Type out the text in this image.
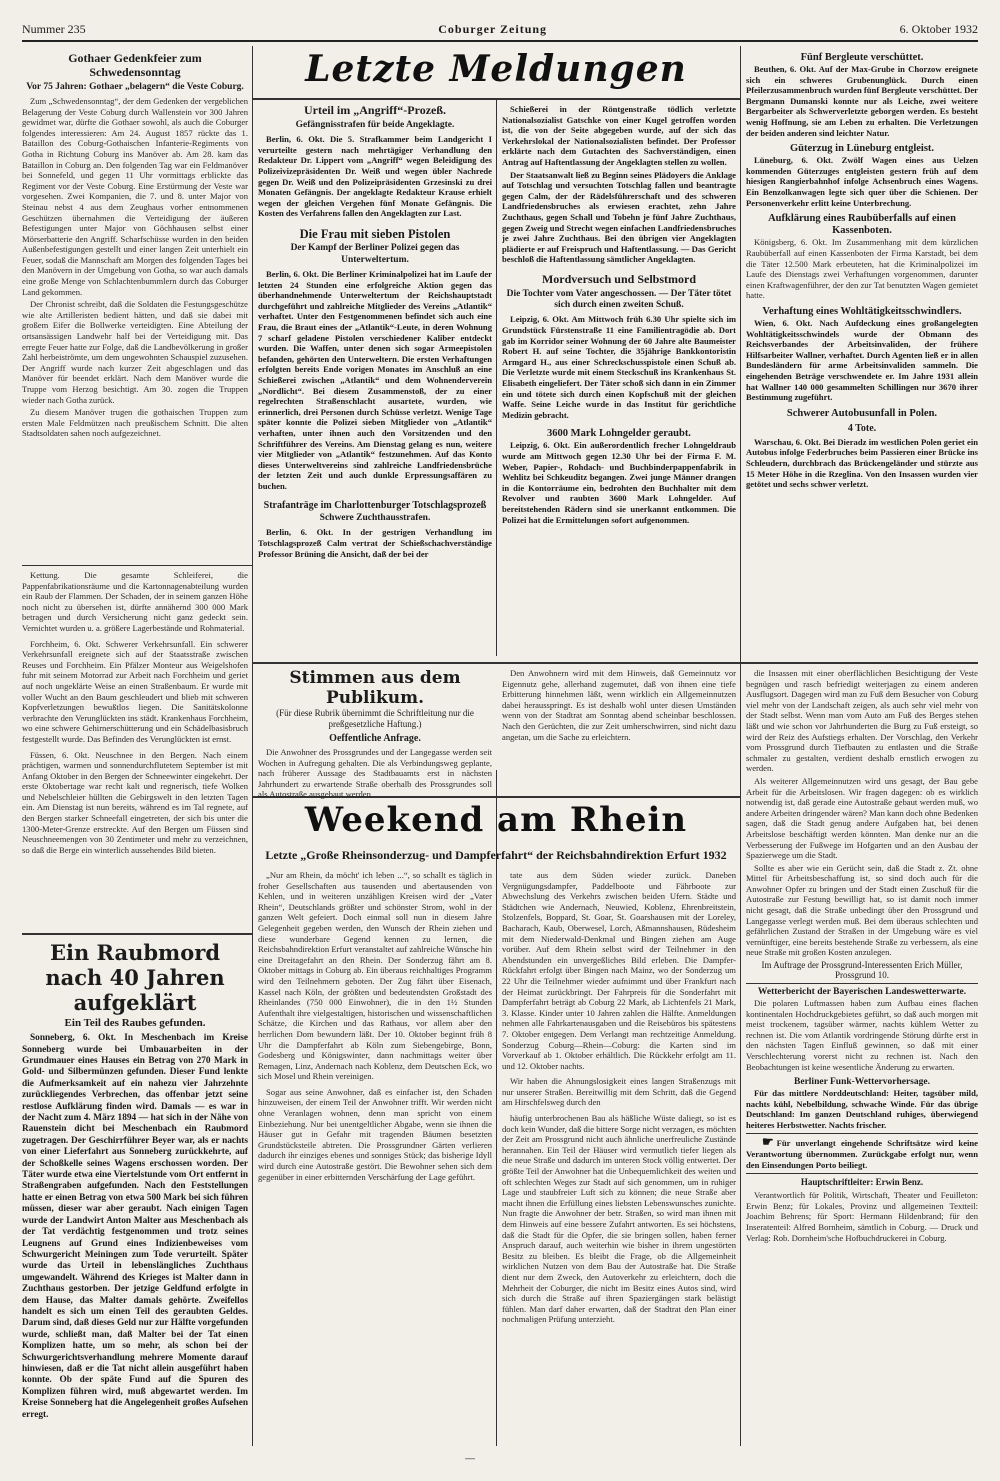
Nummer 235	Coburger Zeitung	6. Oktober 1932
Gothaer Gedenkfeier zum Schwedensonntag
Vor 75 Jahren: Gothaer „belagern“ die Veste Coburg.

Zum „Schwedensonntag“, der dem Gedenken der vergeblichen Belagerung der Veste Coburg durch Wallenstein vor 300 Jahren gewidmet war, dürfte die Gothaer sowohl, als auch die Coburger folgendes interessieren: Am 24. August 1857 rückte das 1. Bataillon des Coburg-Gothaischen Infanterie-Regiments von Gotha in Richtung Coburg ins Manöver ab. Am 28. kam das Bataillon in Coburg an. Den folgenden Tag war ein Feldmanöver bei Sonnefeld, und gegen 11 Uhr vormittags erblickte das Regiment vor der Veste Coburg. Eine Erstürmung der Veste war vorgesehen. Zwei Kompanien, die 7. und 8. unter Major von Steinau nebst 4 aus dem Zeughaus vorher entnommenen Geschützen übernahmen die Verteidigung der äußeren Befestigungen unter Major von Göchhausen selbst einer Mörserbatterie den Angriff. Scharfschüsse wurden in den beiden Außenbefestigungen gestellt und einer langen Zeit unterhielt ein Feuer, sodaß die Mannschaft am Morgen des folgenden Tages bei den Manövern in der Umgebung von Gotha, so war auch damals eine große Menge von Schlachtenbummlern durch das Coburger Land gekommen.

Der Chronist schreibt, daß die Soldaten die Festungsgeschütze wie alte Artilleristen bedient hätten, und daß sie dabei mit großem Eifer die Bollwerke verteidigten. Eine Abteilung der ortsansässigen Landwehr half bei der Verteidigung mit. Das erregte Feuer hatte zur Folge, daß die Landbevölkerung in großer Zahl herbeiströmte, um dem ungewohnten Schauspiel zuzusehen. Der Angriff wurde nach kurzer Zeit abgeschlagen und das Manöver für beendet erklärt. Nach dem Manöver wurde die Truppe vom Herzog besichtigt. Am 30. zogen die Truppen wieder nach Gotha zurück.

Zu diesem Manöver trugen die gothaischen Truppen zum ersten Male Feldmützen nach preußischem Schnitt. Die alten Stadtsoldaten sahen noch aufgezeichnet.

Kettung. Die gesamte Schleiferei, die Pappenfabrikationsräume und die Kartonnagenabteilung wurden ein Raub der Flammen. Der Schaden, der in seinem ganzen Höhe noch nicht zu übersehen ist, dürfte annähernd 300 000 Mark betragen und durch Versicherung nicht ganz gedeckt sein. Vernichtet wurden u. a. größere Lagerbestände und Rohmaterial.

Forchheim, 6. Okt. Schwerer Verkehrsunfall. Ein schwerer Verkehrsunfall ereignete sich auf der Staatsstraße zwischen Reuses und Forchheim. Ein Pfälzer Monteur aus Weigelshofen fuhr mit seinem Motorrad zur Arbeit nach Forchheim und geriet auf noch ungeklärte Weise an einen Straßenbaum. Er wurde mit voller Wucht an den Baum geschleudert und blieb mit schweren Kopfverletzungen bewußtlos liegen. Die Sanitätskolonne verbrachte den Verunglückten ins städt. Krankenhaus Forchheim, wo eine schwere Gehirnerschütterung und ein Schädelbasisbruch festgestellt wurde. Das Befinden des Verunglückten ist ernst.

Füssen, 6. Okt. Neuschnee in den Bergen. Nach einem prächtigen, warmen und sonnendurchflutetem September ist mit Anfang Oktober in den Bergen der Schneewinter eingekehrt. Der erste Oktobertage war recht kalt und regnerisch, tiefe Wolken und Nebelschleier hüllten die Gebirgswelt in den letzten Tagen ein. Am Dienstag ist nun bereits, während es im Tal regnete, auf den Bergen starker Schneefall eingetreten, der sich bis unter die 1300-Meter-Grenze erstreckte. Auf den Bergen um Füssen sind Neuschneemengen von 30 Zentimeter und mehr zu verzeichnen, so daß die Berge ein winterlich aussehendes Bild bieten.

Ein Raubmord nach 40 Jahren aufgeklärt
Ein Teil des Raubes gefunden.

Sonneberg, 6. Okt. In Meschenbach im Kreise Sonneberg wurde bei Umbauarbeiten in der Grundmauer eines Hauses ein Betrag von 270 Mark in Gold- und Silbermünzen gefunden. Dieser Fund lenkte die Aufmerksamkeit auf ein nahezu vier Jahrzehnte zurückliegendes Verbrechen, das offenbar jetzt seine restlose Aufklärung finden wird. Damals — es war in der Nacht zum 4. März 1894 — hat sich in der Nähe von Rauenstein dicht bei Meschenbach ein Raubmord zugetragen. Der Geschirrführer Beyer war, als er nachts von einer Lieferfahrt aus Sonneberg zurückkehrte, auf der Schoßkelle seines Wagens erschossen worden. Der Täter wurde etwa eine Viertelstunde vom Ort entfernt in Straßengraben aufgefunden. Nach den Feststellungen hatte er einen Betrag von etwa 500 Mark bei sich führen müssen, dieser war aber geraubt. Nach einigen Tagen wurde der Landwirt Anton Malter aus Meschenbach als der Tat verdächtig festgenommen und trotz seines Leugnens auf Grund eines Indizienbeweises vom Schwurgericht Meiningen zum Tode verurteilt. Später wurde das Urteil in lebenslängliches Zuchthaus umgewandelt. Während des Krieges ist Malter dann in Zuchthaus gestorben. Der jetzige Geldfund erfolgte in dem Hause, das Malter damals gehörte. Zweifellos handelt es sich um einen Teil des geraubten Geldes. Darum sind, daß dieses Geld nur zur Hälfte vorgefunden wurde, schließt man, daß Malter bei der Tat einen Komplizen hatte, um so mehr, als schon bei der Schwurgerichtsverhandlung mehrere Momente darauf hinwiesen, daß er die Tat nicht allein ausgeführt haben konnte. Ob der späte Fund auf die Spuren des Komplizen führen wird, muß abgewartet werden. Im Kreise Sonneberg hat die Angelegenheit großes Aufsehen erregt.

Letzte Meldungen
Urteil im „Angriff“-Prozeß.
Gefängnisstrafen für beide Angeklagte.

Berlin, 6. Okt. Die 5. Strafkammer beim Landgericht I verurteilte gestern nach mehrtägiger Verhandlung den Redakteur Dr. Lippert vom „Angriff“ wegen Beleidigung des Polizeivizepräsidenten Dr. Weiß und wegen übler Nachrede gegen Dr. Weiß und den Polizeipräsidenten Grzesinski zu drei Monaten Gefängnis. Der angeklagte Redakteur Krause erhielt wegen der gleichen Vergehen fünf Monate Gefängnis. Die Kosten des Verfahrens fallen den Angeklagten zur Last.

Die Frau mit sieben Pistolen
Der Kampf der Berliner Polizei gegen das Unterweltertum.

Berlin, 6. Okt. Die Berliner Kriminalpolizei hat im Laufe der letzten 24 Stunden eine erfolgreiche Aktion gegen das überhandnehmende Unterweltertum der Reichshauptstadt durchgeführt und zahlreiche Mitglieder des Vereins „Atlantik“ verhaftet. Unter den Festgenommenen befindet sich auch eine Frau, die Braut eines der „Atlantik“-Leute, in deren Wohnung 7 scharf geladene Pistolen verschiedener Kaliber entdeckt wurden. Die Waffen, unter denen sich sogar Armeepistolen befanden, gehörten den Unterweltern. Die ersten Verhaftungen erfolgten bereits Ende vorigen Monates im Anschluß an eine Schießerei zwischen „Atlantik“ und dem Wohnenderverein „Nordlicht“. Bei diesem Zusammenstoß, der zu einer regelrechten Straßenschlacht ausartete, wurden, wie erinnerlich, drei Personen durch Schüsse verletzt. Wenige Tage später konnte die Polizei sieben Mitglieder von „Atlantik“ verhaften, unter ihnen auch den Vorsitzenden und den Schriftführer des Vereins. Am Dienstag gelang es nun, weitere vier Mitglieder von „Atlantik“ festzunehmen. Auf das Konto dieses Unterweltvereins sind zahlreiche Landfriedensbrüche der letzten Zeit und auch dunkle Erpressungsaffären zu buchen.

Strafanträge im Charlottenburger Totschlagsprozeß
Schwere Zuchthausstrafen.

Berlin, 6. Okt. In der gestrigen Verhandlung im Totschlagsprozeß Calm vertrat der Schießschachverständige Professor Brüning die Ansicht, daß der bei der

Schießerei in der Röntgenstraße tödlich verletzte Nationalsozialist Gatschke von einer Kugel getroffen worden ist, die von der Seite abgegeben wurde, auf der sich das Verkehrslokal der Nationalsozialisten befindet. Der Professor erklärte nach dem Gutachten des Sachverständigen, einen Antrag auf Haftentlassung der Angeklagten stellen zu wollen.

Der Staatsanwalt ließ zu Beginn seines Plädoyers die Anklage auf Totschlag und versuchten Totschlag fallen und beantragte gegen Calm, der der Rädelsführerschaft und des schweren Landfriedensbruches als erwiesen erachtet, zehn Jahre Zuchthaus, gegen Schall und Tobehn je fünf Jahre Zuchthaus, gegen Zweig und Strecht wegen einfachen Landfriedensbruches je zwei Jahre Zuchthaus. Bei den übrigen vier Angeklagten plädierte er auf Freispruch und Haftentlassung. — Das Gericht beschloß die Haftentlassung sämtlicher Angeklagten.

Mordversuch und Selbstmord
Die Tochter vom Vater angeschossen. — Der Täter tötet sich durch einen zweiten Schuß.

Leipzig, 6. Okt. Am Mittwoch früh 6.30 Uhr spielte sich im Grundstück Fürstenstraße 11 eine Familientragödie ab. Dort gab im Korridor seiner Wohnung der 60 Jahre alte Baumeister Robert H. auf seine Tochter, die 35jährige Bankkontoristin Armgard H., aus einer Schreckschusspistole einen Schuß ab. Die Verletzte wurde mit einem Steckschuß ins Krankenhaus St. Elisabeth eingeliefert. Der Täter schoß sich dann in ein Zimmer ein und tötete sich durch einen Kopfschuß mit der gleichen Waffe. Seine Leiche wurde in das Institut für gerichtliche Medizin gebracht.

3600 Mark Lohngelder geraubt.

Leipzig, 6. Okt. Ein außerordentlich frecher Lohngeldraub wurde am Mittwoch gegen 12.30 Uhr bei der Firma F. M. Weber, Papier-, Rohdach- und Buchbinderpappenfabrik in Wehlitz bei Schkeuditz begangen. Zwei junge Männer drangen in die Kontorräume ein, bedrohten den Buchhalter mit dem Revolver und raubten 3600 Mark Lohngelder. Auf bereitstehenden Rädern sind sie unerkannt entkommen. Die Polizei hat die Ermittelungen sofort aufgenommen.

Fünf Bergleute verschüttet.

Beuthen, 6. Okt. Auf der Max-Grube in Chorzow ereignete sich ein schweres Grubenunglück. Durch einen Pfeilerzusammenbruch wurden fünf Bergleute verschüttet. Der Bergmann Dumanski konnte nur als Leiche, zwei weitere Bergarbeiter als Schwerverletzte geborgen werden. Es besteht wenig Hoffnung, sie am Leben zu erhalten. Die Verletzungen der beiden anderen sind leichter Natur.

Güterzug in Lüneburg entgleist.

Lüneburg, 6. Okt. Zwölf Wagen eines aus Uelzen kommenden Güterzuges entgleisten gestern früh auf dem hiesigen Rangierbahnhof infolge Achsenbruch eines Wagens. Ein Benzolkanwagen legte sich quer über die Schienen. Der Personenverkehr erlitt keine Unterbrechung.

Aufklärung eines Raubüberfalls auf einen Kassenboten.

Königsberg, 6. Okt. Im Zusammenhang mit dem kürzlichen Raubüberfall auf einen Kassenboten der Firma Karstadt, bei dem die Täter 12.500 Mark erbeuteten, hat die Kriminalpolizei im Laufe des Dienstags zwei Verhaftungen vorgenommen, darunter einen Kraftwagenführer, der den zur Tat benutzten Wagen gemietet hatte.

Verhaftung eines Wohltätigkeitsschwindlers.

Wien, 6. Okt. Nach Aufdeckung eines großangelegten Wohltätigkeitsschwindels wurde der Obmann des Reichsverbandes der Arbeitsinvaliden, der frühere Hilfsarbeiter Wallner, verhaftet. Durch Agenten ließ er in allen Bundesländern für arme Arbeitsinvaliden sammeln. Die eingehenden Beträge verschwendete er. Im Jahre 1931 allein hat Wallner 140 000 gesammelten Schillingen nur 3670 ihrer Bestimmung zugeführt.

Schwerer Autobusunfall in Polen.
4 Tote.

Warschau, 6. Okt. Bei Dieradz im westlichen Polen geriet ein Autobus infolge Federbruches beim Passieren einer Brücke ins Schleudern, durchbrach das Brückengeländer und stürzte aus 15 Meter Höhe in die Rzeglina. Von den Insassen wurden vier getötet und sechs schwer verletzt.

Weekend am Rhein
Letzte „Große Rheinsonderzug- und Dampferfahrt“ der Reichsbahndirektion Erfurt 1932
Stimmen aus dem Publikum.
(Für diese Rubrik übernimmt die Schriftleitung nur die preßgesetzliche Haftung.)
Oeffentliche Anfrage.

Die Anwohner des Prossgrundes und der Langegasse werden seit Wochen in Aufregung gehalten. Die als Verbindungsweg geplante, nach früherer Aussage des Stadtbauamts erst in nächsten Jahrhundert zu erwartende Straße oberhalb des Prossgrundes soll als Autostraße ausgebaut werden.

Den Anwohnern wird mit dem Hinweis, daß Gemeinnutz vor Eigennutz gehe, allerhand zugemutet, daß von ihnen eine tiefe Erbitterung hinnehmen läßt, wenn wirklich ein Allgemeinnutzen dabei herausspringt. Es ist deshalb wohl unter diesen Umständen wenn von der Stadtrat am Sonntag abend scheinbar beschlossen. Nach den Gerüchten, die zur Zeit umherschwirren, sind nicht dazu angetan, um die Sache zu erleichtern.

„Nur am Rhein, da möcht' ich leben ...“, so schallt es täglich in froher Gesellschaften aus tausenden und abertausenden von Kehlen, und in weiteren unzähligen Kreisen wird der „Vater Rhein“, Deutschlands größter und schönster Strom, wohl in der ganzen Welt gefeiert. Doch einmal soll nun in diesem Jahre Gelegenheit gegeben werden, den Wunsch der Rhein ziehen und diese wunderbare Gegend kennen zu lernen, die Reichsbahndirektion Erfurt veranstaltet auf zahlreiche Wünsche hin eine Dreitagefahrt an den Rhein. Der Sonderzug fährt am 8. Oktober mittags in Coburg ab. Ein überaus reichhaltiges Programm wird den Teilnehmern geboten. Der Zug fährt über Eisenach, Kassel nach Köln, der größten und bedeutendsten Großstadt des Rheinlandes (750 000 Einwohner), die in den 1½ Stunden Aufenthalt ihre vielgestaltigen, historischen und wissenschaftlichen Schätze, die Kirchen und das Rathaus, vor allem aber den herrlichen Dom bewundern läßt. Der 10. Oktober beginnt früh 8 Uhr die Dampferfahrt ab Köln zum Siebengebirge, Bonn, Godesberg und Königswinter, dann nachmittags weiter über Remagen, Linz, Andernach nach Koblenz, dem Deutschen Eck, wo sich Mosel und Rhein vereinigen.

Sogar aus seine Anwohner, daß es einfacher ist, den Schaden hinzuweisen, der einem Teil der Anwohner trifft. Wir werden nicht ohne Veranlagen wohnen, denn man spricht von einem Einbeziehung. Nur bei unentgeltlicher Abgabe, wenn sie ihnen die Häuser gut in Gefahr mit tragenden Bäumen besetzten Grundstücksteile abtreten. Die Prossgrundner Gärten verlieren dadurch ihr einziges ebenes und sonniges Stück; das bisherige Idyll wird durch eine Autostraße gestört. Die Bewohner sehen sich dem gegenüber in einer erbitternden Verschärfung der Lage geführt.

tate aus dem Süden wieder zurück. Daneben Vergnügungsdampfer, Paddelboote und Fährboote zur Abwechslung des Verkehrs zwischen beiden Ufern. Städte und Städtchen wie Andernach, Neuwied, Koblenz, Ehrenbreitstein, Stolzenfels, Boppard, St. Goar, St. Goarshausen mit der Loreley, Bacharach, Kaub, Oberwesel, Lorch, Aßmannshausen, Rüdesheim mit dem Niederwald-Denkmal und Bingen ziehen am Auge vorüber. Auf dem Rhein selbst wird der Teilnehmer in den Abendstunden ein unvergeßliches Bild erleben. Die Dampfer-Rückfahrt erfolgt über Bingen nach Mainz, wo der Sonderzug um 22 Uhr die Teilnehmer wieder aufnimmt und über Frankfurt nach der Heimat zurückbringt. Der Fahrpreis für die Sonderfahrt mit Dampferfahrt beträgt ab Coburg 22 Mark, ab Lichtenfels 21 Mark, 3. Klasse. Kinder unter 10 Jahren zahlen die Hälfte. Anmeldungen nehmen alle Fahrkartenausgaben und die Reisebüros bis spätestens 7. Oktober entgegen. Dem Verlangt man rechtzeitige Anmeldung. Sonderzug Coburg—Rhein—Coburg: die Karten sind im Vorverkauf ab 1. Oktober erhältlich. Die Rückkehr erfolgt am 11. und 12. Oktober nachts.

Wir haben die Ahnungslosigkeit eines langen Straßenzugs mit nur unserer Straßen. Bereitwillig mit dem Schritt, daß die Gegend am Hirschfelsweg durch den

häufig unterbrochenen Bau als häßliche Wüste daliegt, so ist es doch kein Wunder, daß die bittere Sorge nicht verzagen, es möchten der Zeit am Prossgrund nicht auch ähnliche unerfreuliche Zustände herannahen. Ein Teil der Häuser wird vermutlich tiefer liegen als die neue Straße und dadurch im unteren Stock völlig entwertet. Der größte Teil der Anwohner hat die Unbequemlichkeit des weiten und oft schlechten Weges zur Stadt auf sich genommen, um in ruhiger Lage und staubfreier Luft sich zu können; die neue Straße aber macht ihnen die Erfüllung eines liebsten Lebenswunsches zunichte. Nun fragte die Anwohner der betr. Straßen, so wird man ihnen mit dem Hinweis auf eine bessere Zufahrt antworten. Es sei höchstens, daß die Stadt für die Opfer, die sie bringen sollen, haben ferner Anspruch darauf, auch weiterhin wie bisher in ihrem ungestörten Besitz zu bleiben. Es bleibt die Frage, ob die Allgemeinheit wirklichen Nutzen von dem Bau der Autostraße hat. Die Straße dient nur dem Zweck, den Autoverkehr zu erleichtern, doch die Mehrheit der Coburger, die nicht im Besitz eines Autos sind, wird sich durch die Straße auf ihren Spaziergängen stark belästigt fühlen. Man darf daher erwarten, daß der Stadtrat den Plan einer nochmaligen Prüfung unterzieht.

die Insassen mit einer oberflächlichen Besichtigung der Veste begnügen und rasch befriedigt weiterjagen zu einem anderen Ausflugsort. Dagegen wird man zu Fuß dem Besucher von Coburg viel mehr von der Landschaft zeigen, als auch sehr viel mehr von der Stadt selbst. Wenn man vom Auto am Fuß des Berges stehen läßt und wie schon vor Jahrhunderten die Burg zu Fuß ersteigt, so wird der Reiz des Aufstiegs erhalten. Der Vorschlag, den Verkehr vom Prossgrund durch Tiefbauten zu entlasten und die Straße schmaler zu gestalten, verdient deshalb ernstlich erwogen zu werden.

Als weiterer Allgemeinnutzen wird uns gesagt, der Bau gebe Arbeit für die Arbeitslosen. Wir fragen dagegen: ob es wirklich notwendig ist, daß gerade eine Autostraße gebaut werden muß, wo andere Arbeiten dringender wären? Man kann doch ohne Bedenken sagen, daß die Stadt genug andere Aufgaben hat, bei denen Arbeitslose beschäftigt werden könnten. Man denke nur an die Verbesserung der Fußwege im Hofgarten und an den Ausbau der Spazierwege um die Stadt.

Sollte es aber wie ein Gerücht sein, daß die Stadt z. Zt. ohne Mittel für Arbeitsbeschaffung ist, so sind doch auch für die Anwohner Opfer zu bringen und der Stadt einen Zuschuß für die Autostraße zur Festung bewilligt hat, so ist damit noch immer nicht gesagt, daß die Straße unbedingt über den Prossgrund und Langegasse verlegt werden muß. Bei dem überaus schlechten und gefährlichen Zustand der Straßen in der Umgebung wäre es viel vernünftiger, eine bereits bestehende Straße zu verbessern, als eine neue Straße mit großen Kosten anzulegen.

Im Auftrage der Prossgrund-Interessenten Erich Müller, Prossgrund 10.
Wetterbericht der Bayerischen Landeswetterwarte.

Die polaren Luftmassen haben zum Aufbau eines flachen kontinentalen Hochdruckgebietes geführt, so daß auch morgen mit meist trockenem, tagsüber wärmer, nachts kühlem Wetter zu rechnen ist. Die vom Atlantik vordringende Störung dürfte erst in den nächsten Tagen Einfluß gewinnen, so daß mit einer Verschlechterung vorerst nicht zu rechnen ist. Nach den Beobachtungen ist keine wesentliche Änderung zu erwarten.

Berliner Funk-Wettervorhersage.

Für das mittlere Norddeutschland: Heiter, tagsüber mild, nachts kühl, Nebelbildung, schwache Winde. Für das übrige Deutschland: Im ganzen Deutschland ruhiges, überwiegend heiteres Herbstwetter. Nachts frischer.

☛ Für unverlangt eingehende Schriftsätze wird keine Verantwortung übernommen. Zurückgabe erfolgt nur, wenn den Einsendungen Porto beiliegt.

Hauptschriftleiter: Erwin Benz.

Verantwortlich für Politik, Wirtschaft, Theater und Feuilleton: Erwin Benz; für Lokales, Provinz und allgemeinen Textteil: Joachim Behrens; für Sport: Hermann Hildenbrand; für den Inseratenteil: Alfred Bornheim, sämtlich in Coburg. — Druck und Verlag: Rob. Dornheim'sche Hofbuchdruckerei in Coburg.

—
